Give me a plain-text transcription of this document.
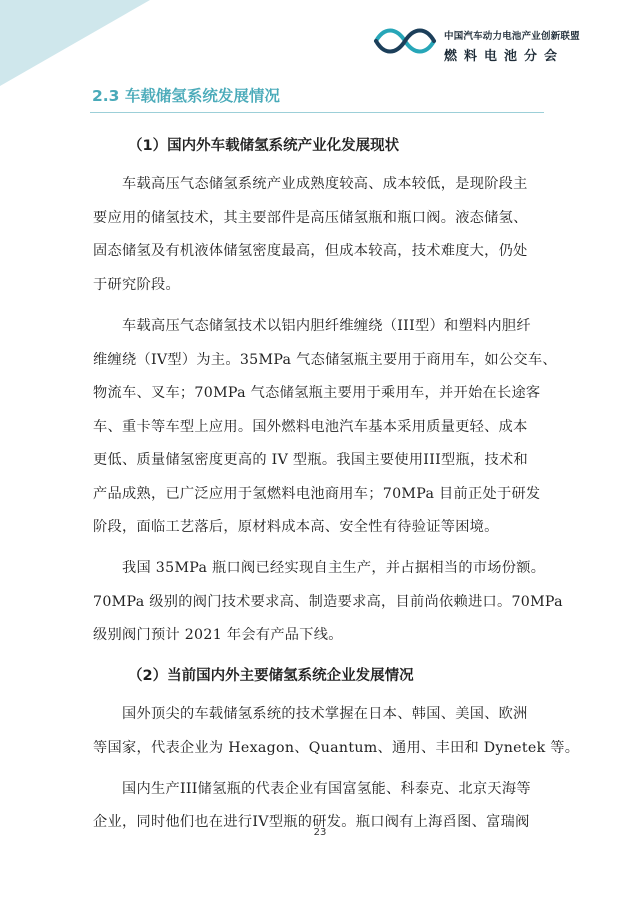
中国汽车动力电池产业创新联盟
燃料电池分会
2.3 车载储氢系统发展情况
（1）国内外车载储氢系统产业化发展现状
车载高压气态储氢系统产业成熟度较高、成本较低，是现阶段主
要应用的储氢技术，其主要部件是高压储氢瓶和瓶口阀。液态储氢、
固态储氢及有机液体储氢密度最高，但成本较高，技术难度大，仍处
于研究阶段。
车载高压气态储氢技术以铝内胆纤维缠绕（III型）和塑料内胆纤
维缠绕（IV型）为主。35MPa 气态储氢瓶主要用于商用车，如公交车、
物流车、叉车；70MPa 气态储氢瓶主要用于乘用车，并开始在长途客
车、重卡等车型上应用。国外燃料电池汽车基本采用质量更轻、成本
更低、质量储氢密度更高的 IV 型瓶。我国主要使用III型瓶，技术和
产品成熟，已广泛应用于氢燃料电池商用车；70MPa 目前正处于研发
阶段，面临工艺落后，原材料成本高、安全性有待验证等困境。
我国 35MPa 瓶口阀已经实现自主生产，并占据相当的市场份额。
70MPa 级别的阀门技术要求高、制造要求高，目前尚依赖进口。70MPa
级别阀门预计 2021 年会有产品下线。
（2）当前国内外主要储氢系统企业发展情况
国外顶尖的车载储氢系统的技术掌握在日本、韩国、美国、欧洲
等国家，代表企业为 Hexagon、Quantum、通用、丰田和 Dynetek 等。
国内生产III储氢瓶的代表企业有国富氢能、科泰克、北京天海等
企业，同时他们也在进行IV型瓶的研发。瓶口阀有上海舀图、富瑞阀
23
